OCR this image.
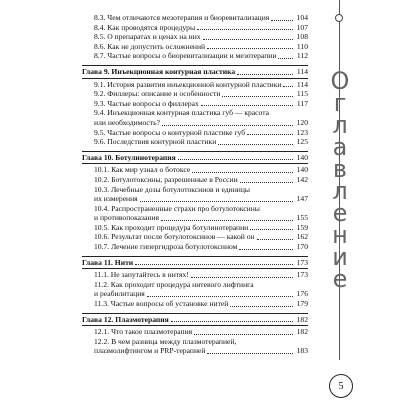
О
г
л
а
в
л
е
н
и
е
5
8.3. Чем отличаются мезотерапия и биоревитализация	104
8.4. Как проводятся процедуры	107
8.5. О препаратах и ценах на них	108
8.6. Как не допустить осложнений	110
8.7. Частые вопросы о биоревитализации и мезотерапии	112
Глава 9. Инъекционная контурная пластика	114
9.1. История развития инъекционной контурной пластики	114
9.2. Филлеры: описание и особенности	115
9.3. Частые вопросы о филлерах	117
9.4. Инъекционная контурная пластика губ — красота
или необходимость?	120
9.5. Частые вопросы о контурной пластике губ	123
9.6. Последствия контурной пластики	125
Глава 10. Ботулинотерапия	140
10.1. Как мир узнал о ботоксе	140
10.2. Ботулотоксины, разрешенные в России	142
10.3. Лечебные дозы ботулотоксинов и единицы
их измерения	147
10.4. Распространенные страхи про ботулотоксины
и противопоказания	155
10.5. Как проходит процедура ботулинотерапии	159
10.6. Результат после ботулотоксинов — какой он	162
10.7. Лечение гипергидроза ботулотоксином	170
Глава 11. Нити	173
11.1. Не запутайтесь в нитях!	173
11.2. Как проходит процедура нитевого лифтинга
и реабилитация	176
11.3. Частые вопросы об установке нитей	179
Глава 12. Плазмотерапия	182
12.1. Что такое плазмотерапия	182
12.2. В чем разница между плазмотерапией,
плазмолифтингом и PRP-терапией	183
